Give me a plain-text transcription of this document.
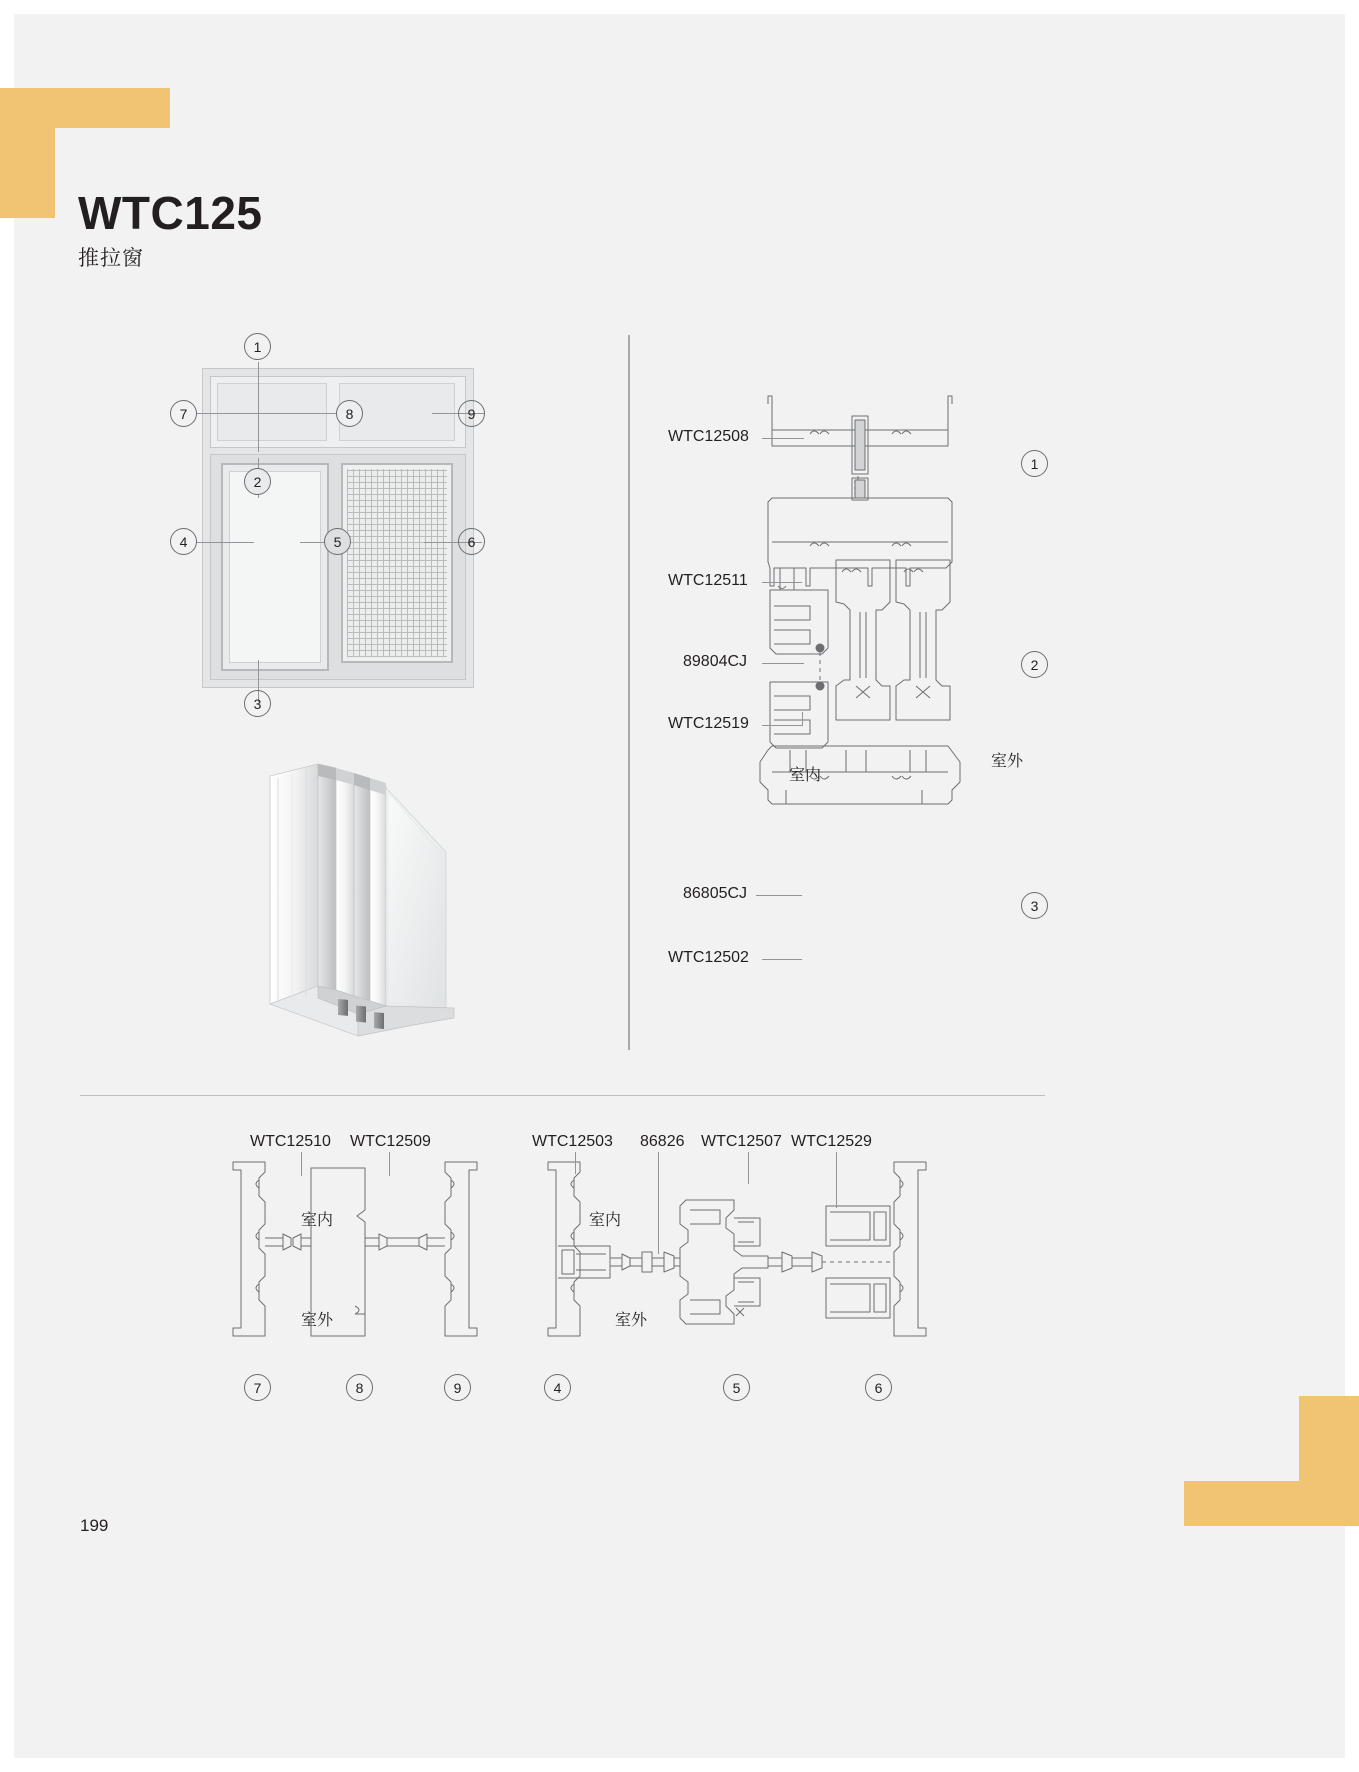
WTC125
推拉窗
1
7	8	9
2
4	5	6
3
WTC12508
WTC12511
89804CJ
WTC12519
86805CJ
WTC12502
室内
室外
1
2
3
WTC12510 WTC12509
室内
室外
7	8	9
WTC12503 86826 WTC12507 WTC12529
室内
室外
4	5	6
199
